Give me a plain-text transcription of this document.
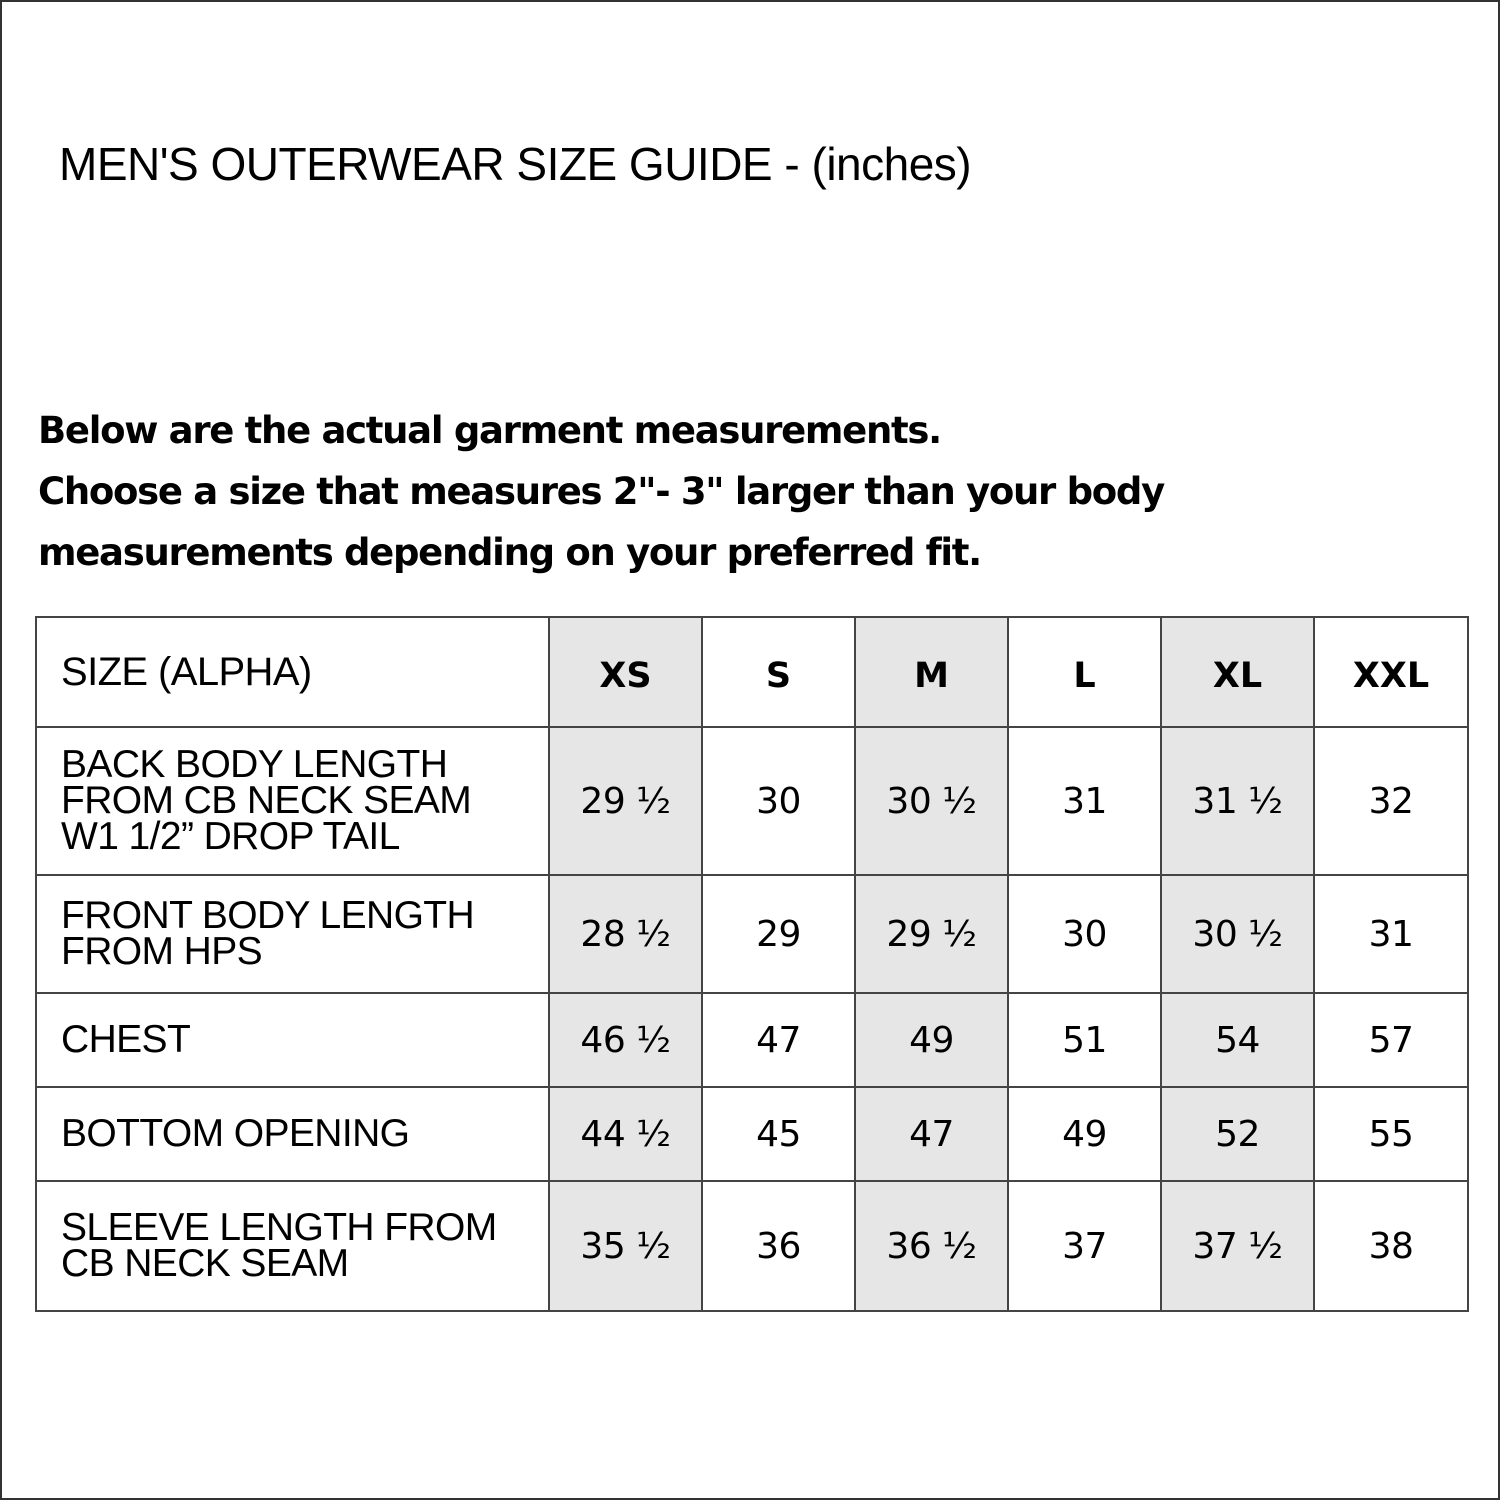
MEN'S OUTERWEAR SIZE GUIDE - (inches)
Below are the actual garment measurements.
Choose a size that measures 2"- 3" larger than your body
measurements depending on your preferred fit.
SIZE (ALPHA)	XS	S	M	L	XL	XXL

BACK BODY LENGTH
FROM CB NECK SEAM
W1 1/2” DROP TAIL	29 ½	30	30 ½	31	31 ½	32

FRONT BODY LENGTH
FROM HPS	28 ½	29	29 ½	30	30 ½	31

CHEST	46 ½	47	49	51	54	57

BOTTOM OPENING	44 ½	45	47	49	52	55

SLEEVE LENGTH FROM
CB NECK SEAM	35 ½	36	36 ½	37	37 ½	38
